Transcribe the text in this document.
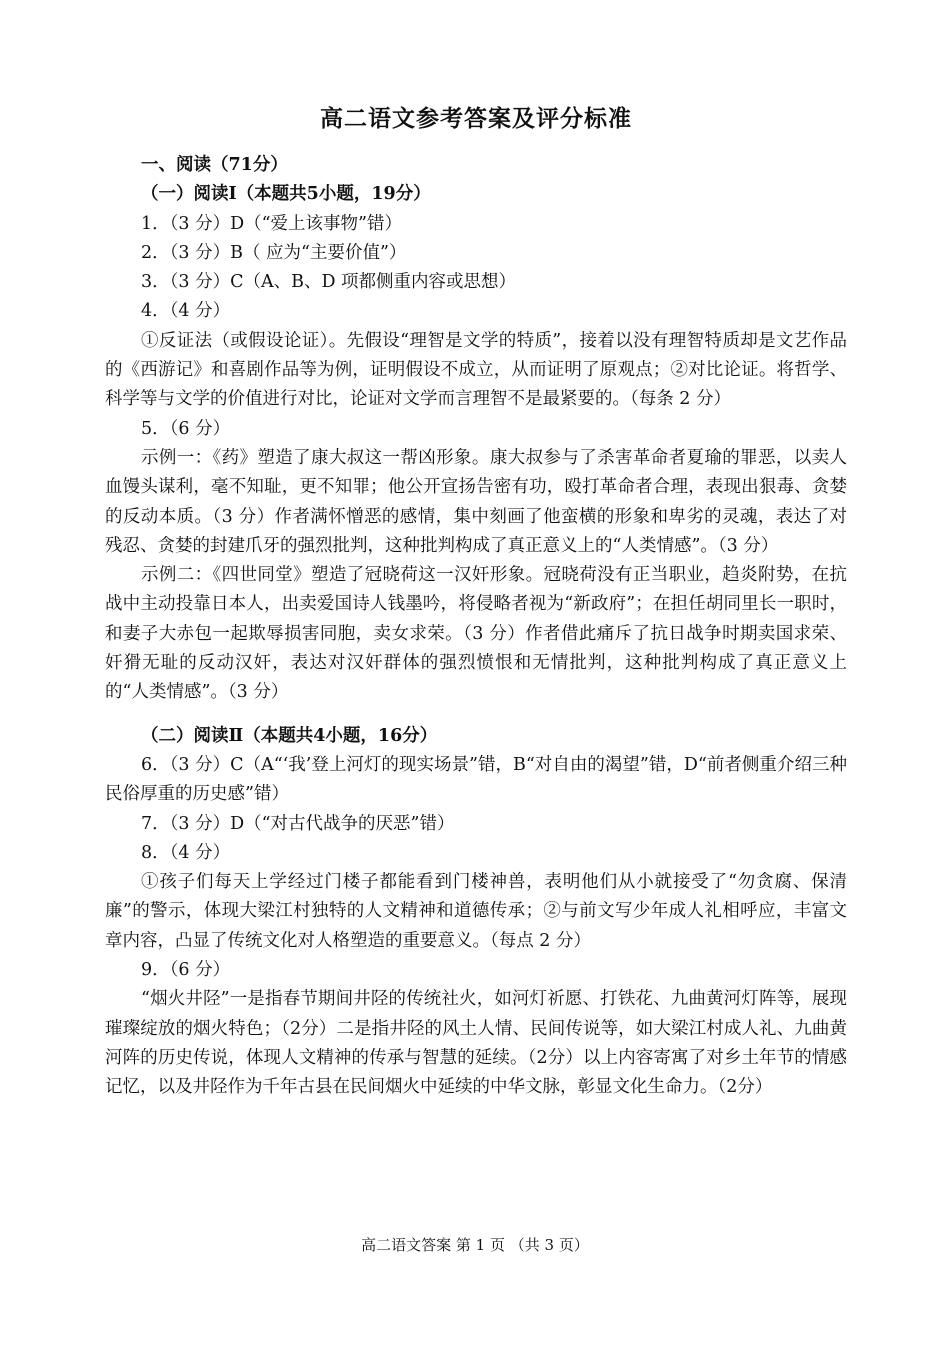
高二语文参考答案及评分标准

一、阅读（71分）

（一）阅读Ⅰ（本题共5小题，19分）

1．（3 分）D（“爱上该事物”错）

2．（3 分）B（ 应为“主要价值”）

3．（3 分）C（A、B、D 项都侧重内容或思想）

4．（4 分）

①反证法（或假设论证）。先假设“理智是文学的特质”，接着以没有理智特质却是文艺作品的《西游记》和喜剧作品等为例，证明假设不成立，从而证明了原观点；②对比论证。将哲学、科学等与文学的价值进行对比，论证对文学而言理智不是最紧要的。（每条 2 分）

5．（6 分）

示例一：《药》塑造了康大叔这一帮凶形象。康大叔参与了杀害革命者夏瑜的罪恶，以卖人血馒头谋利，毫不知耻，更不知罪；他公开宣扬告密有功，殴打革命者合理，表现出狠毒、贪婪的反动本质。（3 分）作者满怀憎恶的感情，集中刻画了他蛮横的形象和卑劣的灵魂，表达了对残忍、贪婪的封建爪牙的强烈批判，这种批判构成了真正意义上的“人类情感”。（3 分）

示例二：《四世同堂》塑造了冠晓荷这一汉奸形象。冠晓荷没有正当职业，趋炎附势，在抗战中主动投靠日本人，出卖爱国诗人钱墨吟，将侵略者视为“新政府”；在担任胡同里长一职时，和妻子大赤包一起欺辱损害同胞，卖女求荣。（3 分）作者借此痛斥了抗日战争时期卖国求荣、奸猾无耻的反动汉奸，表达对汉奸群体的强烈愤恨和无情批判，这种批判构成了真正意义上的“人类情感”。（3 分）

（二）阅读Ⅱ（本题共4小题，16分）

6．（3 分）C（A“‘我’登上河灯的现实场景”错，B“对自由的渴望”错，D“前者侧重介绍三种民俗厚重的历史感”错）

7．（3 分）D（“对古代战争的厌恶”错）

8．（4 分）

①孩子们每天上学经过门楼子都能看到门楼神兽，表明他们从小就接受了“勿贪腐、保清廉”的警示，体现大梁江村独特的人文精神和道德传承；②与前文写少年成人礼相呼应，丰富文章内容，凸显了传统文化对人格塑造的重要意义。（每点 2 分）

9．（6 分）

“烟火井陉”一是指春节期间井陉的传统社火，如河灯祈愿、打铁花、九曲黄河灯阵等，展现璀璨绽放的烟火特色；（2分）二是指井陉的风土人情、民间传说等，如大梁江村成人礼、九曲黄河阵的历史传说，体现人文精神的传承与智慧的延续。（2分）以上内容寄寓了对乡土年节的情感记忆，以及井陉作为千年古县在民间烟火中延续的中华文脉，彰显文化生命力。（2分）

高二语文答案 第 1 页 （共 3 页）
